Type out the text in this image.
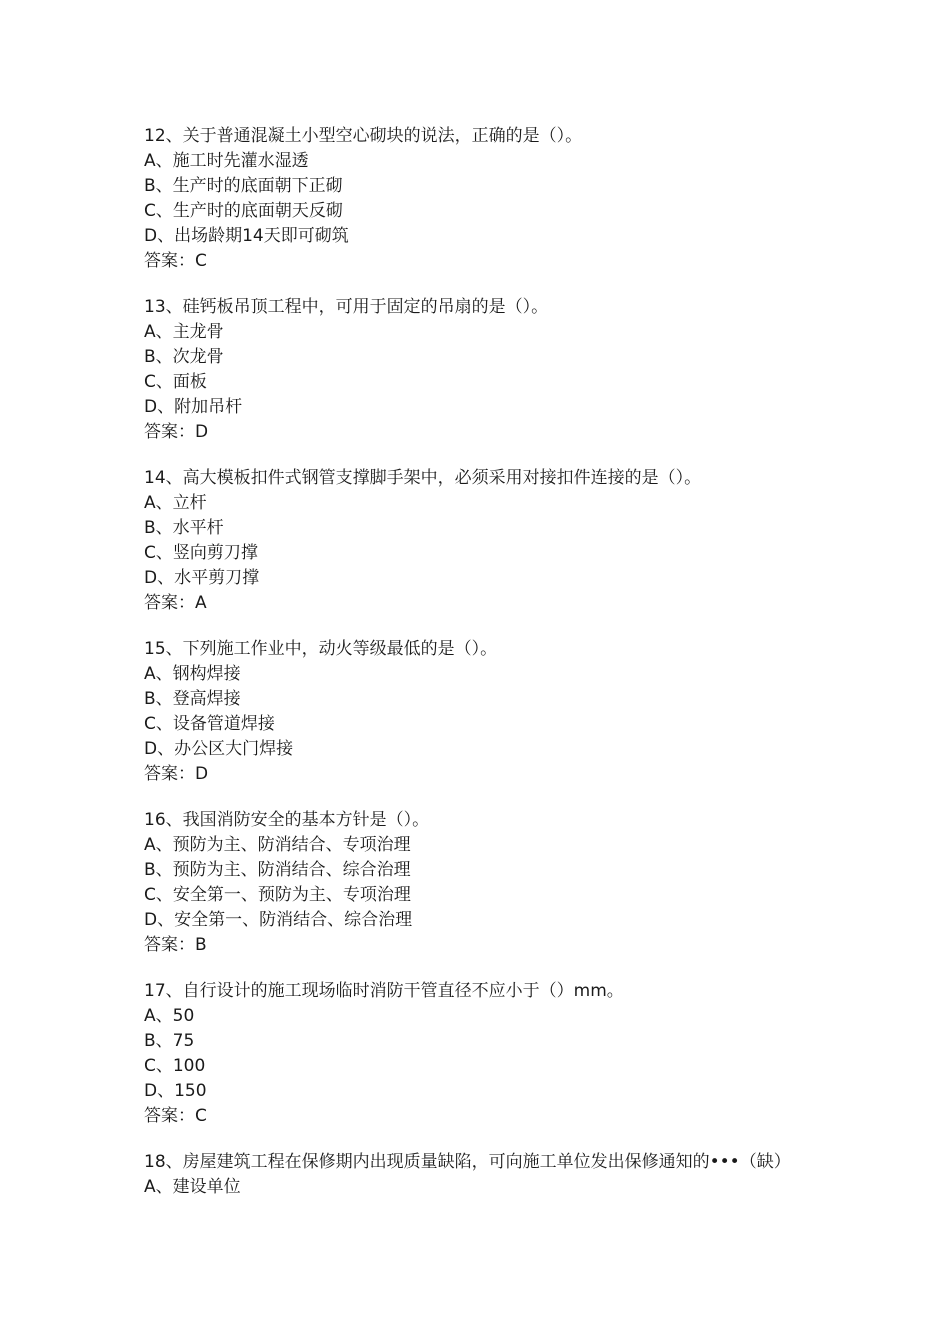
12、关于普通混凝土小型空心砌块的说法，正确的是（）。
A、施工时先灌水湿透
B、生产时的底面朝下正砌
C、生产时的底面朝天反砌
D、出场龄期14天即可砌筑
答案：C
13、硅钙板吊顶工程中，可用于固定的吊扇的是（）。
A、主龙骨
B、次龙骨
C、面板
D、附加吊杆
答案：D
14、高大模板扣件式钢管支撑脚手架中，必须采用对接扣件连接的是（）。
A、立杆
B、水平杆
C、竖向剪刀撑
D、水平剪刀撑
答案：A
15、下列施工作业中，动火等级最低的是（）。
A、钢构焊接
B、登高焊接
C、设备管道焊接
D、办公区大门焊接
答案：D
16、我国消防安全的基本方针是（）。
A、预防为主、防消结合、专项治理
B、预防为主、防消结合、综合治理
C、安全第一、预防为主、专项治理
D、安全第一、防消结合、综合治理
答案：B
17、自行设计的施工现场临时消防干管直径不应小于（）mm。
A、50
B、75
C、100
D、150
答案：C
18、房屋建筑工程在保修期内出现质量缺陷，可向施工单位发出保修通知的•••（缺）
A、建设单位
